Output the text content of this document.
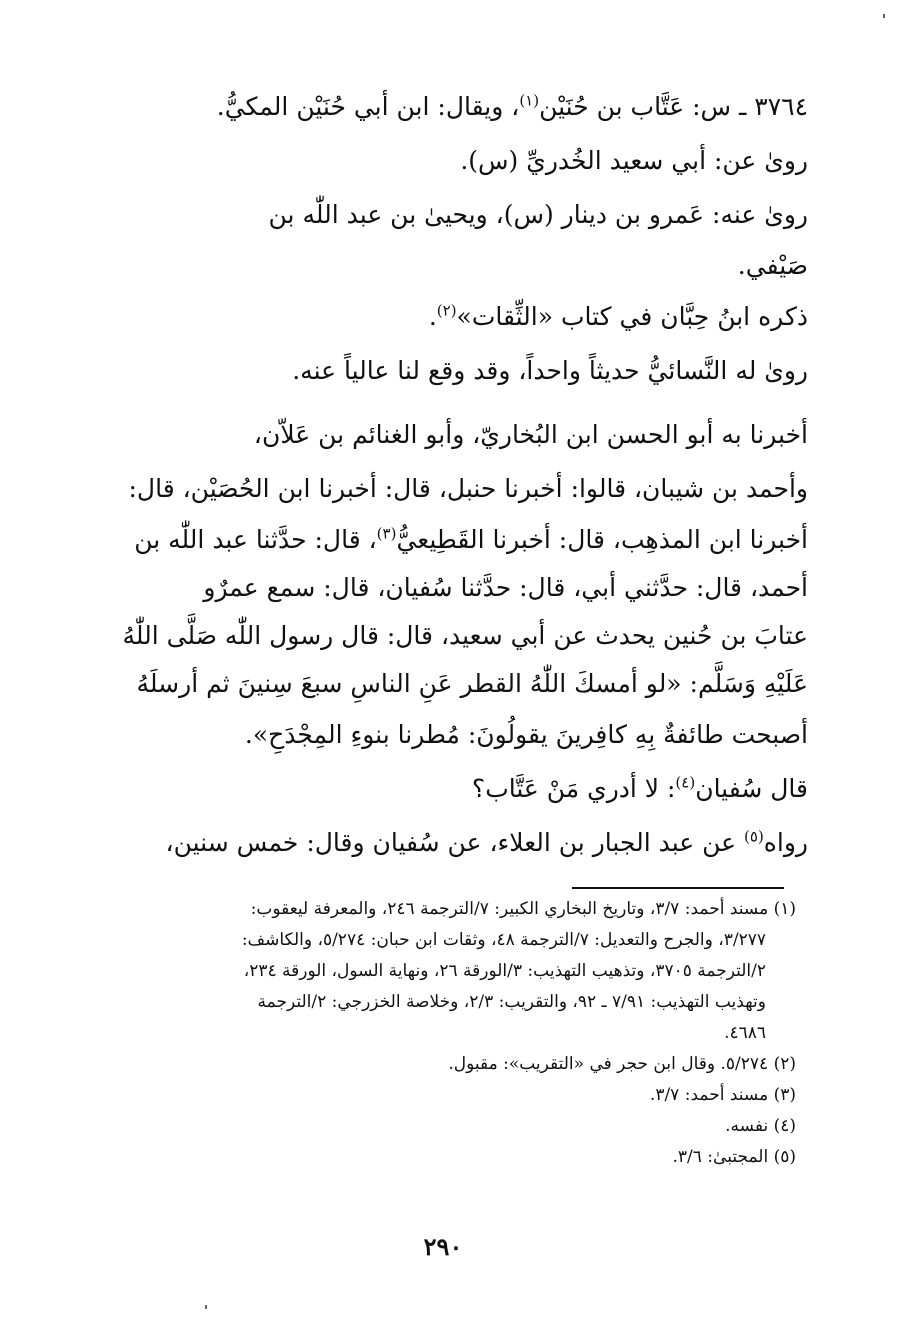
٣٧٦٤ ـ س: عَتَّاب بن حُنَيْن$^{(١)}$، ويقال: ابن أبي حُنَيْن المكيُّ.
روىٰ عن: أبي سعيد الخُدريِّ (س).
روىٰ عنه: عَمرو بن دينار (س)، ويحيىٰ بن عبد اللّٰه بن
صَيْفي.
ذكره ابنُ حِبَّان في كتاب «الثِّقات»$^{(٢)}$.
روىٰ له النَّسائيُّ حديثاً واحداً، وقد وقع لنا عالياً عنه.
أخبرنا به أبو الحسن ابن البُخاريّ، وأبو الغنائم بن عَلاّن،
وأحمد بن شيبان، قالوا: أخبرنا حنبل، قال: أخبرنا ابن الحُصَيْن، قال:
أخبرنا ابن المذهِب، قال: أخبرنا القَطِيعيُّ$^{(٣)}$، قال: حدَّثنا عبد اللّٰه بن
أحمد، قال: حدَّثني أبي، قال: حدَّثنا سُفيان، قال: سمع عمرٌو
عتابَ بن حُنين يحدث عن أبي سعيد، قال: قال رسول اللّٰه صَلَّى اللّٰهُ
عَلَيْهِ وَسَلَّم: «لو أمسكَ اللّٰهُ القطر عَنِ الناسِ سبعَ سِنينَ ثم أرسلَهُ
أصبحت طائفةٌ بِهِ كافِرينَ يقولُونَ: مُطرنا بنوءِ المِجْدَحِ».
قال سُفيان$^{(٤)}$: لا أدري مَنْ عَتَّاب؟
رواه$^{(٥)}$ عن عبد الجبار بن العلاء، عن سُفيان وقال: خمس سنين،
(١) مسند أحمد: ٣/٧، وتاريخ البخاري الكبير: ٧/الترجمة ٢٤٦، والمعرفة ليعقوب:
٣/٢٧٧، والجرح والتعديل: ٧/الترجمة ٤٨، وثقات ابن حبان: ٥/٢٧٤، والكاشف:
٢/الترجمة ٣٧٠٥، وتذهيب التهذيب: ٣/الورقة ٢٦، ونهاية السول، الورقة ٢٣٤،
وتهذيب التهذيب: ٧/٩١ ـ ٩٢، والتقريب: ٢/٣، وخلاصة الخزرجي: ٢/الترجمة
٤٦٨٦.
(٢) ٥/٢٧٤. وقال ابن حجر في «التقريب»: مقبول.
(٣) مسند أحمد: ٣/٧.
(٤) نفسه.
(٥) المجتبىٰ: ٣/٦.
٢٩٠
